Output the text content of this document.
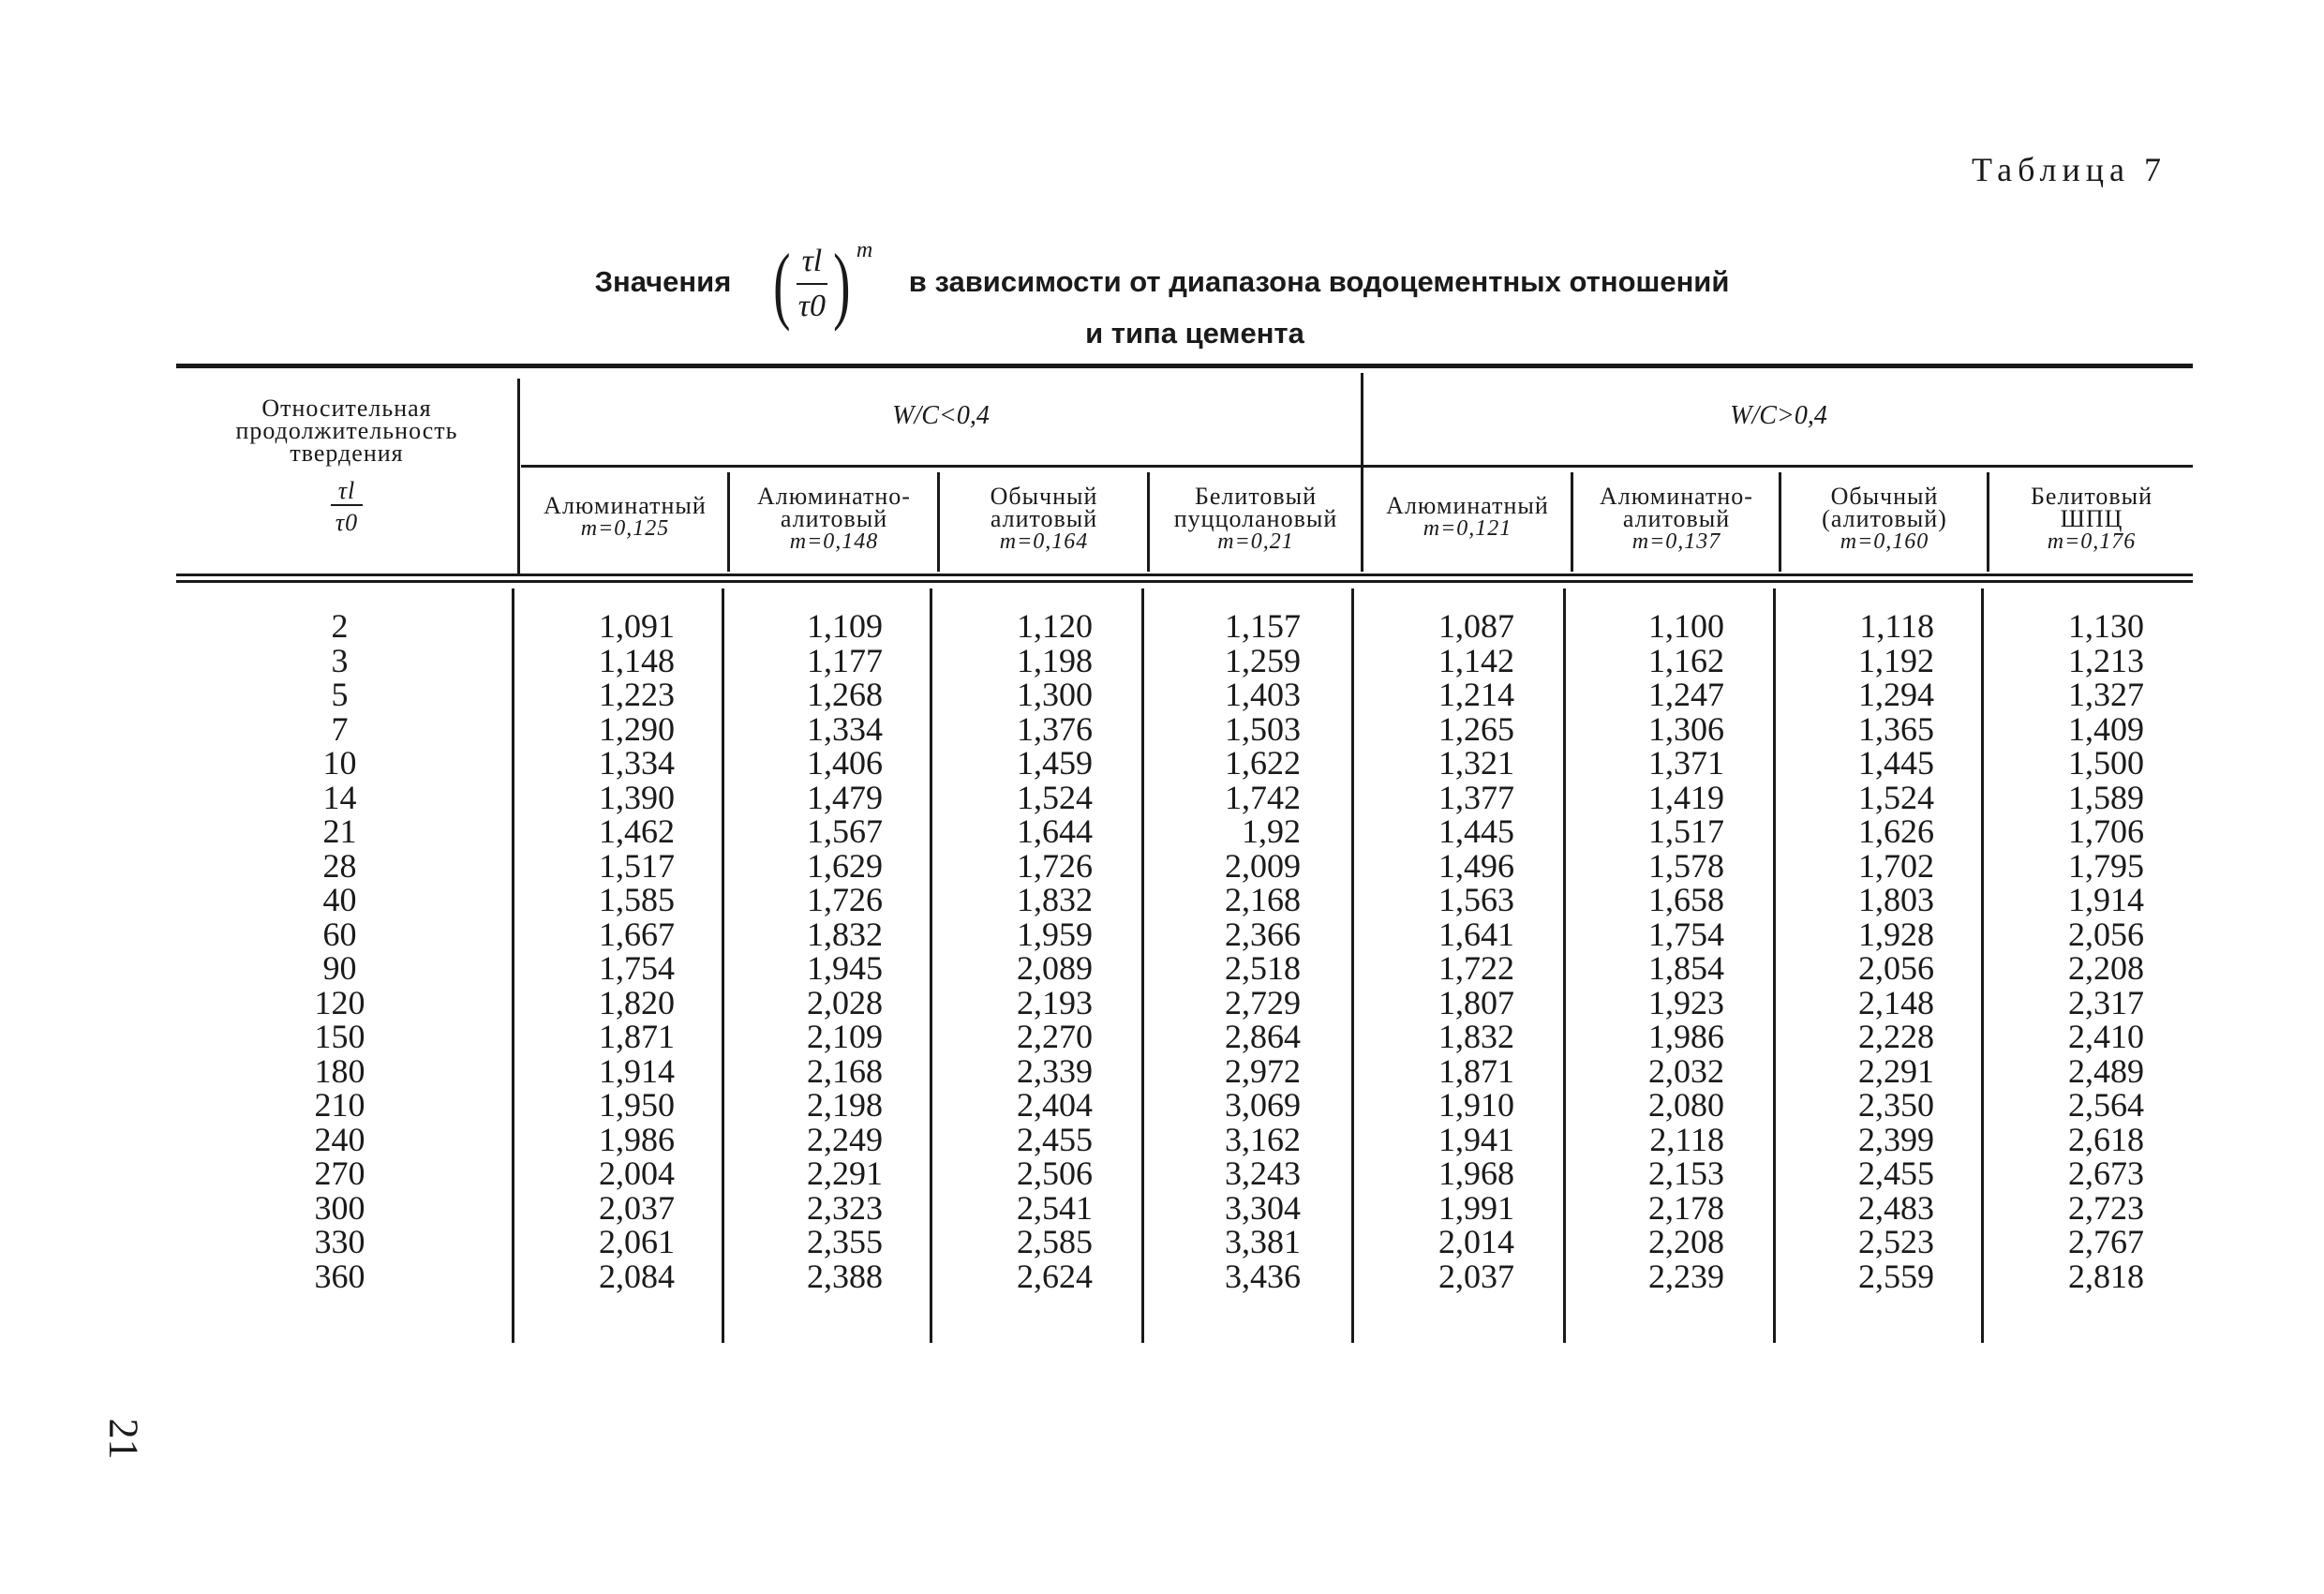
Таблица 7
Значения ( $\frac{\tau l}{\tau 0}$ ) $^m$ в зависимости от диапазона водоцементных отношений
и типа цемента
Относительная
продолжительность
твердения
$\frac{\tau l}{\tau 0}$
W/C<0,4	W/C>0,4
Алюминатный
m=0,125
Алюминатно-
алитовый
m=0,148
Обычный
алитовый
m=0,164
Белитовый
пуццолановый
m=0,21
Алюминатный
m=0,121
Алюминатно-
алитовый
m=0,137
Обычный
(алитовый)
m=0,160
Белитовый
ШПЦ
m=0,176
2
3
5
7
10
14
21
28
40
60
90
120
150
180
210
240
270
300
330
360
1,091
1,148
1,223
1,290
1,334
1,390
1,462
1,517
1,585
1,667
1,754
1,820
1,871
1,914
1,950
1,986
2,004
2,037
2,061
2,084
1,109
1,177
1,268
1,334
1,406
1,479
1,567
1,629
1,726
1,832
1,945
2,028
2,109
2,168
2,198
2,249
2,291
2,323
2,355
2,388
1,120
1,198
1,300
1,376
1,459
1,524
1,644
1,726
1,832
1,959
2,089
2,193
2,270
2,339
2,404
2,455
2,506
2,541
2,585
2,624
1,157
1,259
1,403
1,503
1,622
1,742
1,92
2,009
2,168
2,366
2,518
2,729
2,864
2,972
3,069
3,162
3,243
3,304
3,381
3,436
1,087
1,142
1,214
1,265
1,321
1,377
1,445
1,496
1,563
1,641
1,722
1,807
1,832
1,871
1,910
1,941
1,968
1,991
2,014
2,037
1,100
1,162
1,247
1,306
1,371
1,419
1,517
1,578
1,658
1,754
1,854
1,923
1,986
2,032
2,080
2,118
2,153
2,178
2,208
2,239
1,118
1,192
1,294
1,365
1,445
1,524
1,626
1,702
1,803
1,928
2,056
2,148
2,228
2,291
2,350
2,399
2,455
2,483
2,523
2,559
1,130
1,213
1,327
1,409
1,500
1,589
1,706
1,795
1,914
2,056
2,208
2,317
2,410
2,489
2,564
2,618
2,673
2,723
2,767
2,818
21
